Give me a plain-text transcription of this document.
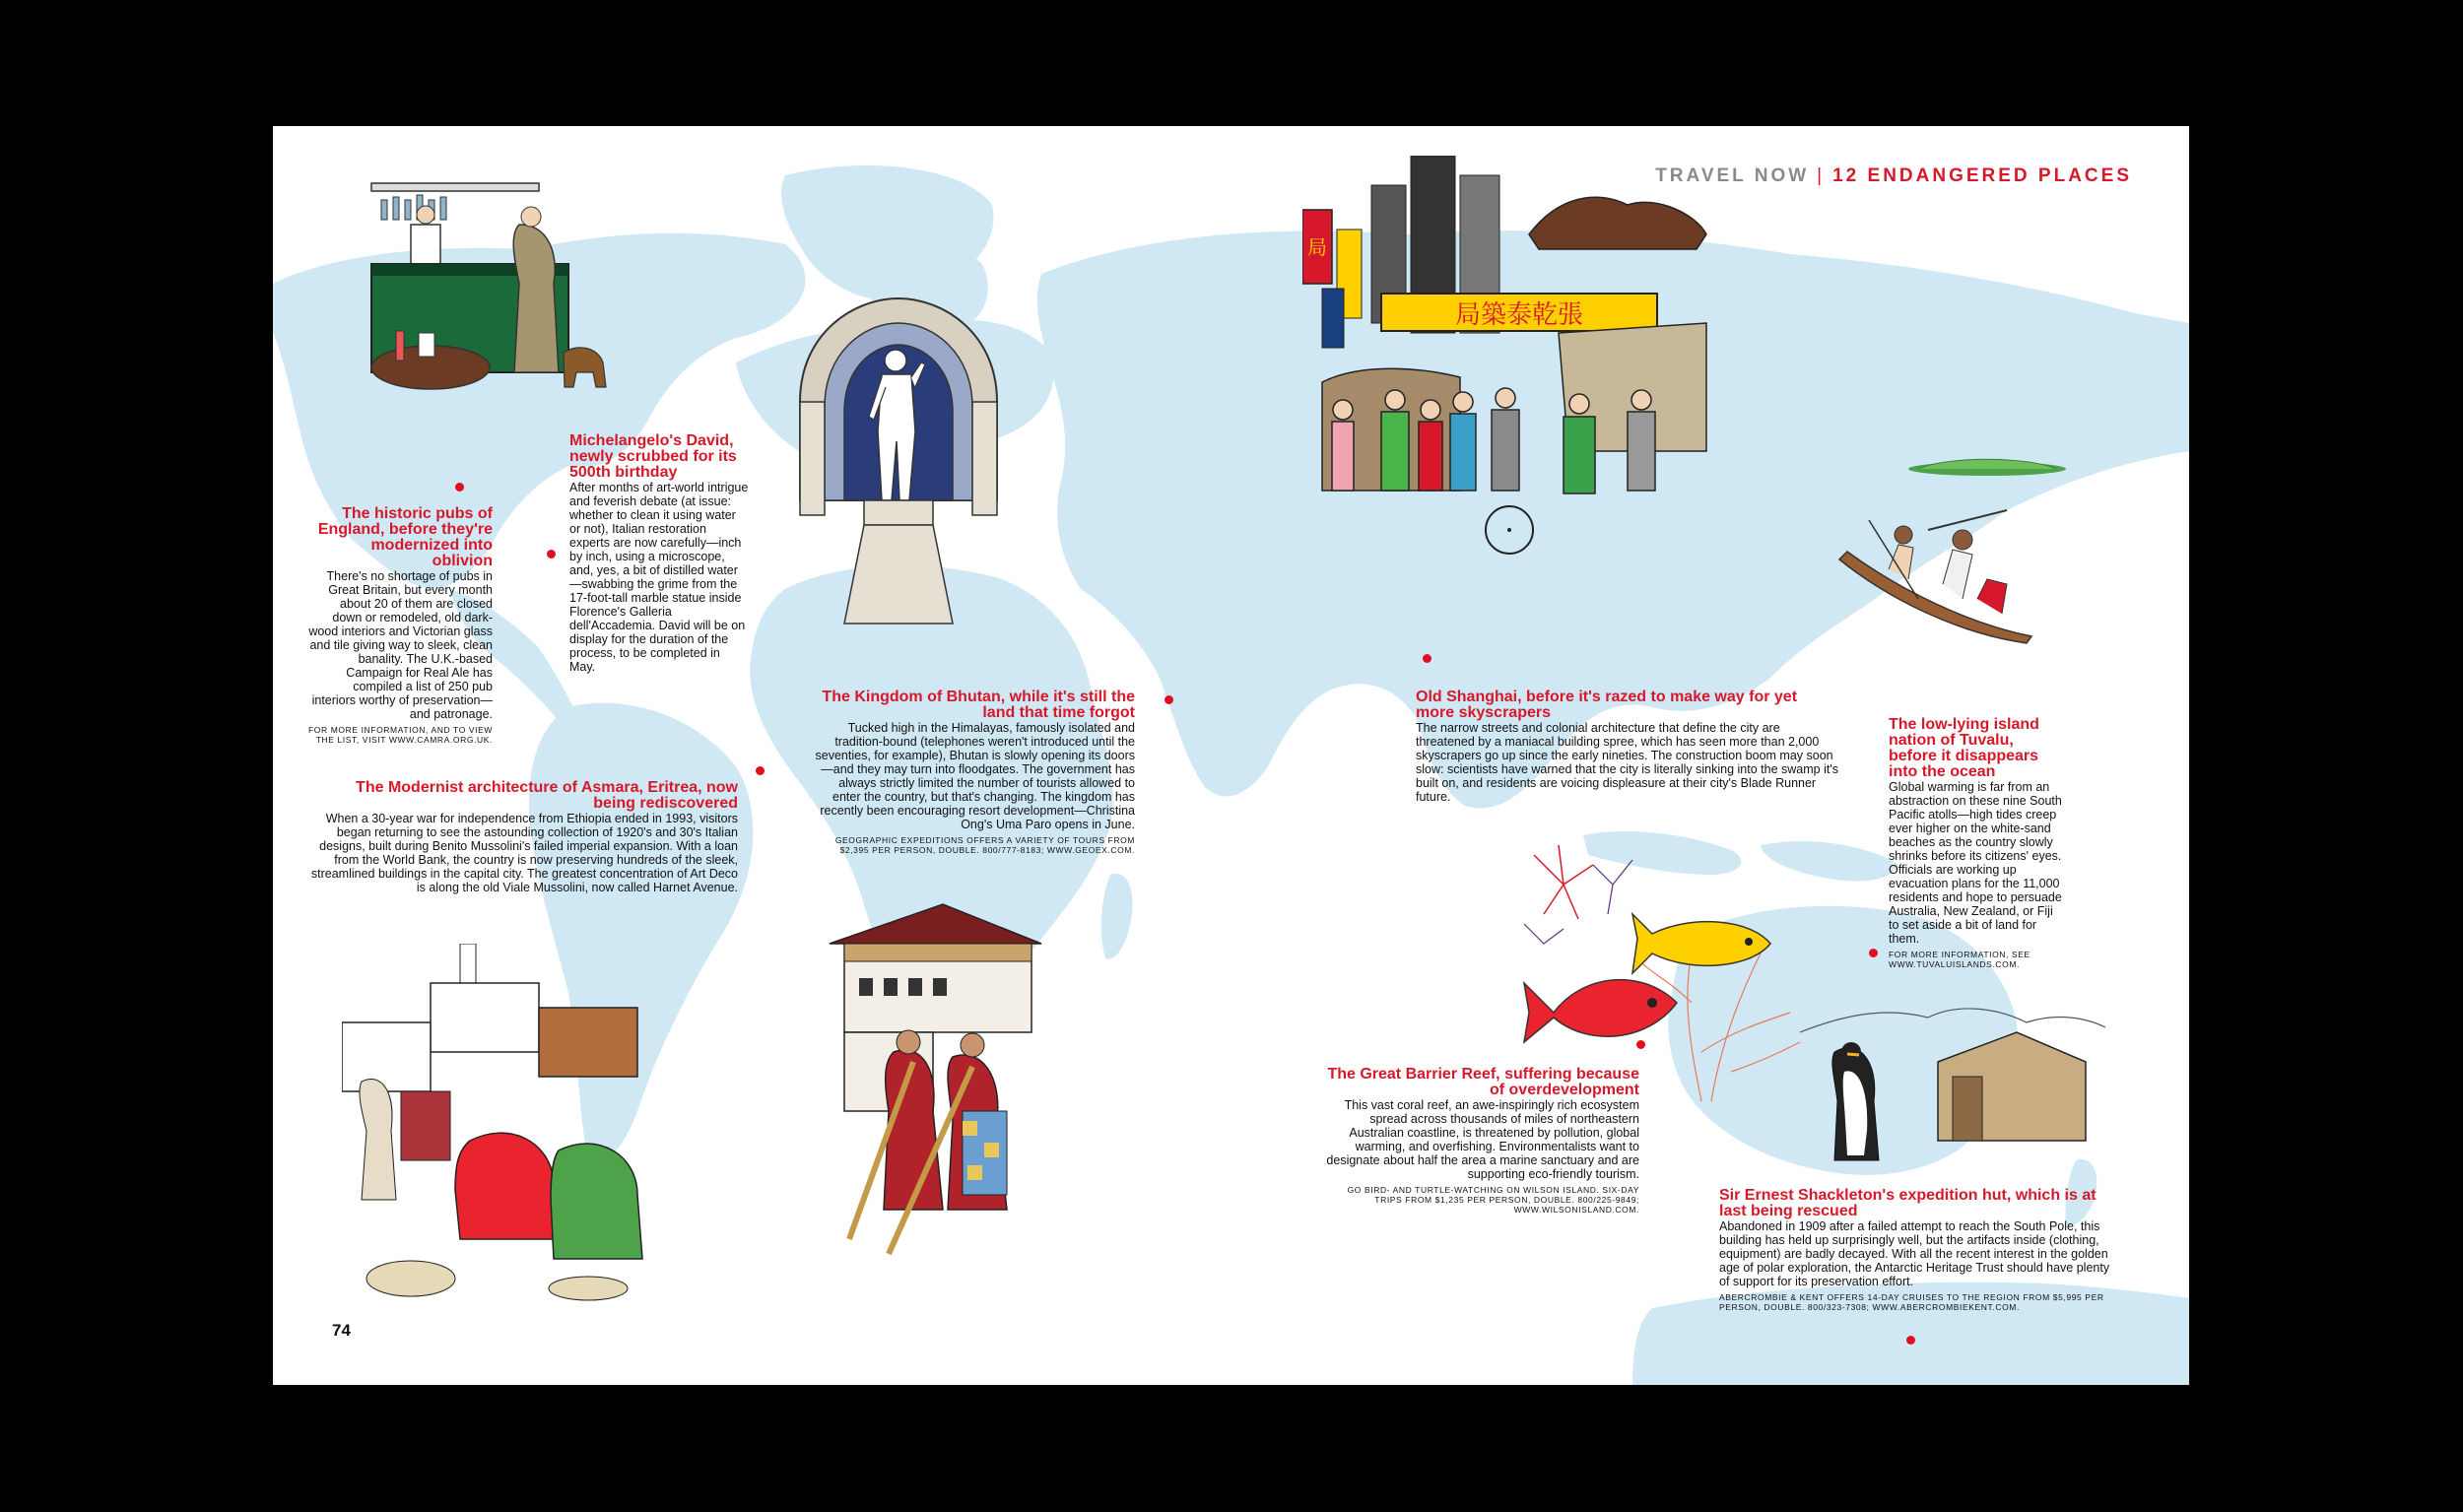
TRAVEL NOW | 12 ENDANGERED PLACES
局
局築泰乾張
The historic pubs of England, before they're modernized into oblivion
There's no shortage of pubs in Great Britain, but every month about 20 of them are closed down or remodeled, old dark-wood interiors and Victorian glass and tile giving way to sleek, clean banality. The U.K.-based Campaign for Real Ale has compiled a list of 250 pub interiors worthy of preservation—and patronage.
FOR MORE INFORMATION, AND TO VIEW THE LIST, VISIT WWW.CAMRA.ORG.UK.
Michelangelo's David, newly scrubbed for its 500th birthday
After months of art-world intrigue and feverish debate (at issue: whether to clean it using water or not), Italian restoration experts are now carefully—inch by inch, using a microscope, and, yes, a bit of distilled water—swabbing the grime from the 17-foot-tall marble statue inside Florence's Galleria dell'Accademia. David will be on display for the duration of the process, to be completed in May.
The Modernist architecture of Asmara, Eritrea, now being rediscovered
When a 30-year war for independence from Ethiopia ended in 1993, visitors began returning to see the astounding collection of 1920's and 30's Italian designs, built during Benito Mussolini's failed imperial expansion. With a loan from the World Bank, the country is now preserving hundreds of the sleek, streamlined buildings in the capital city. The greatest concentration of Art Deco is along the old Viale Mussolini, now called Harnet Avenue.
The Kingdom of Bhutan, while it's still the land that time forgot
Tucked high in the Himalayas, famously isolated and tradition-bound (telephones weren't introduced until the seventies, for example), Bhutan is slowly opening its doors—and they may turn into floodgates. The government has always strictly limited the number of tourists allowed to enter the country, but that's changing. The kingdom has recently been encouraging resort development—Christina Ong's Uma Paro opens in June.
GEOGRAPHIC EXPEDITIONS OFFERS A VARIETY OF TOURS FROM $2,395 PER PERSON, DOUBLE. 800/777-8183; WWW.GEOEX.COM.
Old Shanghai, before it's razed to make way for yet more skyscrapers
The narrow streets and colonial architecture that define the city are threatened by a maniacal building spree, which has seen more than 2,000 skyscrapers go up since the early nineties. The construction boom may soon slow: scientists have warned that the city is literally sinking into the swamp it's built on, and residents are voicing displeasure at their city's Blade Runner future.
The low-lying island nation of Tuvalu, before it disappears into the ocean
Global warming is far from an abstraction on these nine South Pacific atolls—high tides creep ever higher on the white-sand beaches as the country slowly shrinks before its citizens' eyes. Officials are working up evacuation plans for the 11,000 residents and hope to persuade Australia, New Zealand, or Fiji to set aside a bit of land for them.
FOR MORE INFORMATION, SEE WWW.TUVALUISLANDS.COM.
The Great Barrier Reef, suffering because of overdevelopment
This vast coral reef, an awe-inspiringly rich ecosystem spread across thousands of miles of northeastern Australian coastline, is threatened by pollution, global warming, and overfishing. Environmentalists want to designate about half the area a marine sanctuary and are supporting eco-friendly tourism.
GO BIRD- AND TURTLE-WATCHING ON WILSON ISLAND. SIX-DAY TRIPS FROM $1,235 PER PERSON, DOUBLE. 800/225-9849; WWW.WILSONISLAND.COM.
Sir Ernest Shackleton's expedition hut, which is at last being rescued
Abandoned in 1909 after a failed attempt to reach the South Pole, this building has held up surprisingly well, but the artifacts inside (clothing, equipment) are badly decayed. With all the recent interest in the golden age of polar exploration, the Antarctic Heritage Trust should have plenty of support for its preservation effort.
ABERCROMBIE & KENT OFFERS 14-DAY CRUISES TO THE REGION FROM $5,995 PER PERSON, DOUBLE. 800/323-7308; WWW.ABERCROMBIEKENT.COM.
74
